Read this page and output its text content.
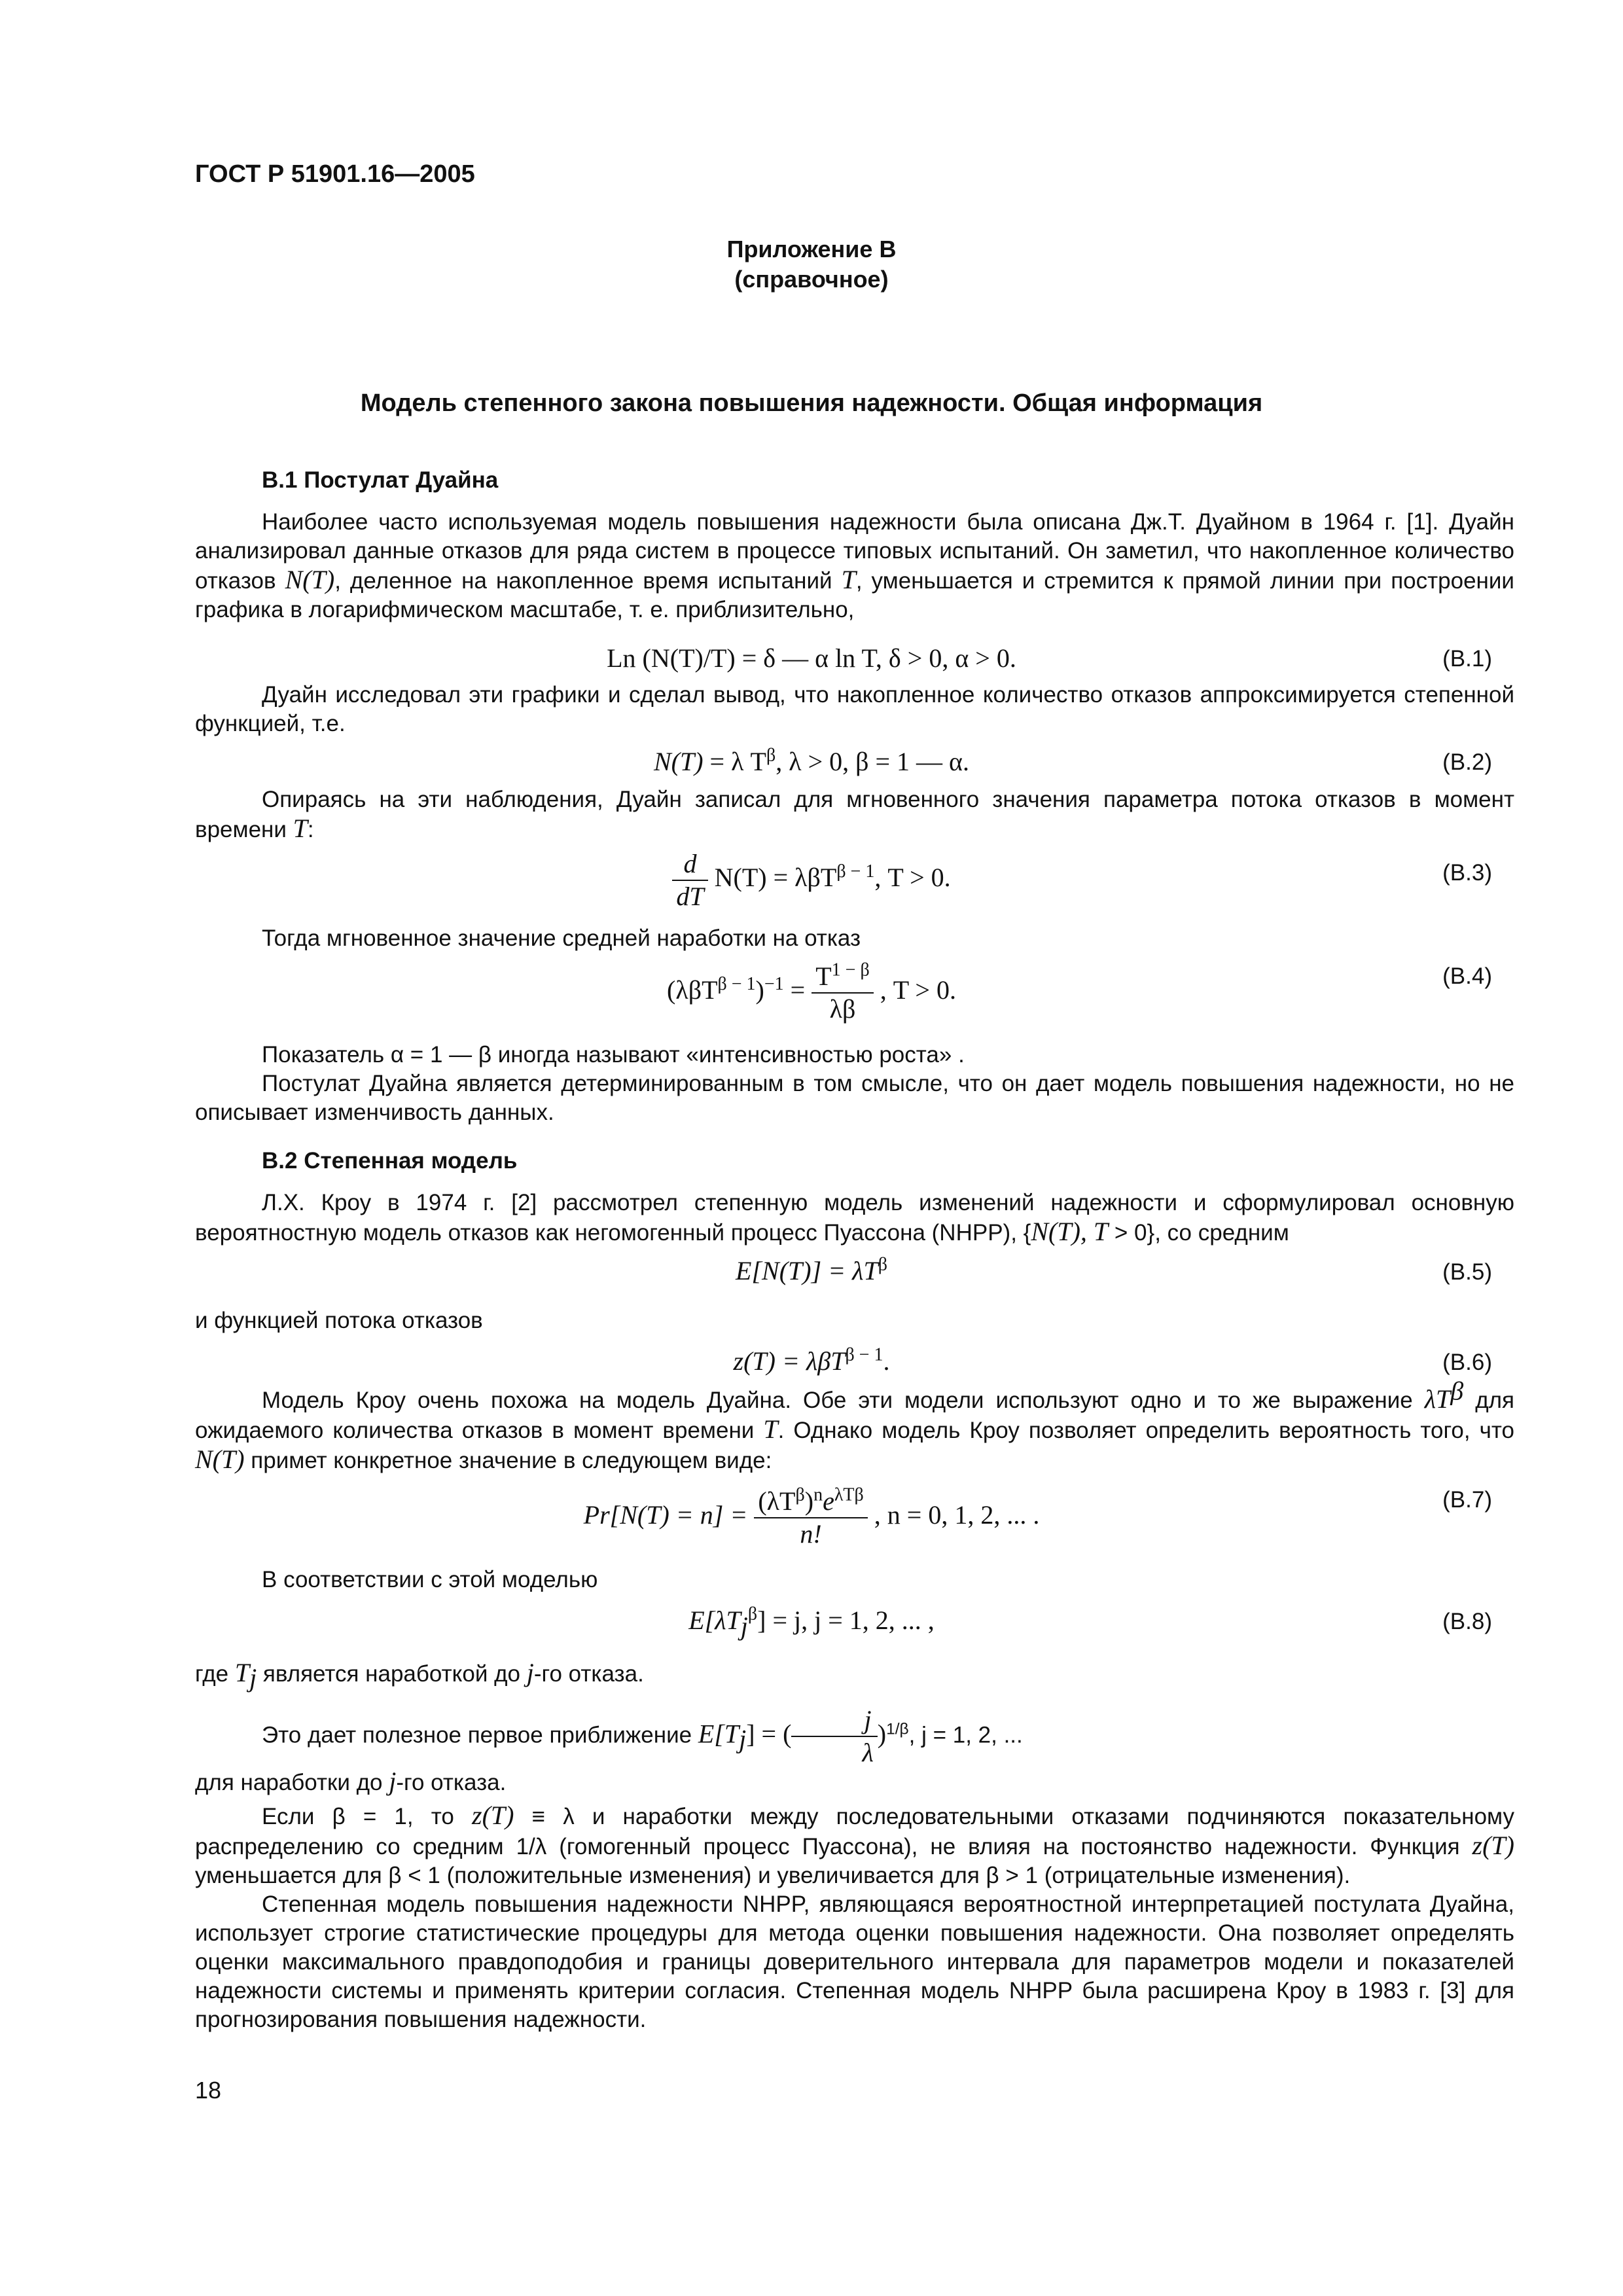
ГОСТ Р 51901.16—2005
Приложение В
(справочное)
Модель степенного закона повышения надежности. Общая информация
В.1 Постулат Дуайна

Наиболее часто используемая модель повышения надежности была описана Дж.Т. Дуайном в 1964 г. [1]. Дуайн анализировал данные отказов для ряда систем в процессе типовых испытаний. Он заметил, что накопленное количество отказов N(T), деленное на накопленное время испытаний T, уменьшается и стремится к прямой линии при построении графика в логарифмическом масштабе, т. е. приблизительно,

Ln (N(T)/T) = δ — α ln T, δ > 0, α > 0.	(В.1)

Дуайн исследовал эти графики и сделал вывод, что накопленное количество отказов аппроксимируется степенной функцией, т.е.

N(T) = λ $T^\beta$, λ > 0, β = 1 — α.	(В.2)

Опираясь на эти наблюдения, Дуайн записал для мгновенного значения параметра потока отказов в момент времени T:

$\frac{d}{dT} N(T) = \lambda\beta T^{\beta - 1}$, T > 0.	(В.3)

Тогда мгновенное значение средней наработки на отказ

$(\lambda\beta T^{\beta - 1})^{-1} = \frac{T^{1 - \beta}}{\lambda\beta}$ , T > 0.	(В.4)

Показатель α = 1 — β иногда называют «интенсивностью роста» .

Постулат Дуайна является детерминированным в том смысле, что он дает модель повышения надежности, но не описывает изменчивость данных.

В.2 Степенная модель

Л.Х. Кроу в 1974 г. [2] рассмотрел степенную модель изменений надежности и сформулировал основную вероятностную модель отказов как негомогенный процесс Пуассона (NHPP), {N(T), T > 0}, со средним

$E[N(T)] = \lambda T^\beta$	(В.5)

и функцией потока отказов

z(T) = λβT$^{\beta - 1}$.	(В.6)

Модель Кроу очень похожа на модель Дуайна. Обе эти модели используют одно и то же выражение $\lambda T^\beta$ для ожидаемого количества отказов в момент времени T. Однако модель Кроу позволяет определить вероятность того, что N(T) примет конкретное значение в следующем виде:

$Pr[N(T) = n] = \frac{(\lambda T^\beta)^ne^{\lambda T\beta}}{n!}$ , n = 0, 1, 2, ... .
(В.7)

В соответствии с этой моделью

$E[\lambda T_j^\beta] = j$, j = 1, 2, ... ,	(В.8)

где $T_j$ является наработкой до j-го отказа.

Это дает полезное первое приближение $E[T_j]$ = ( $\frac{j}{\lambda} )^{1/\beta}$, j = 1, 2, ...

для наработки до j-го отказа.

Если β = 1, то z(T) ≡ λ и наработки между последовательными отказами подчиняются показательному распределению со средним 1/λ (гомогенный процесс Пуассона), не влияя на постоянство надежности. Функция z(T) уменьшается для β < 1 (положительные изменения) и увеличивается для β > 1 (отрицательные изменения).

Степенная модель повышения надежности NHPP, являющаяся вероятностной интерпретацией постулата Дуайна, использует строгие статистические процедуры для метода оценки повышения надежности. Она позволяет определять оценки максимального правдоподобия и границы доверительного интервала для параметров модели и показателей надежности системы и применять критерии согласия. Степенная модель NHPP была расширена Кроу в 1983 г. [3] для прогнозирования повышения надежности.

18
